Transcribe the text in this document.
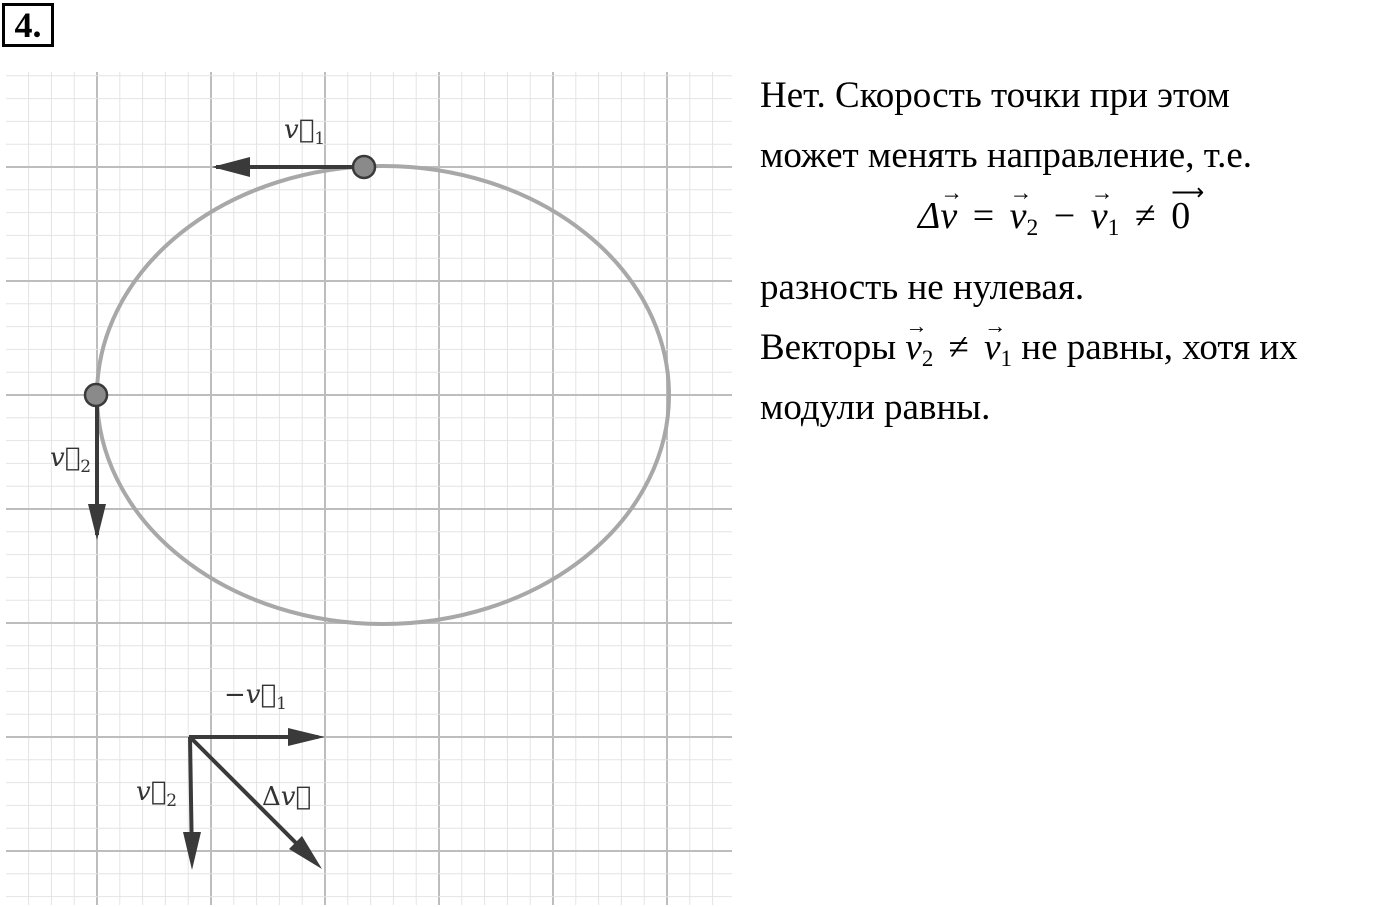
4.
$v⃗_1$
$v⃗_2$
$-v⃗_1$
$v⃗_2$	Δv⃗
Нет. Скорость точки при этом
может менять направление, т.е.
Δ→ v = → $v_2$ − → $v_1$ ≠ ⟶ 0
разность не нулевая.
Векторы → $v_2$ ≠ → $v_1$ не равны, хотя их
модули равны.
